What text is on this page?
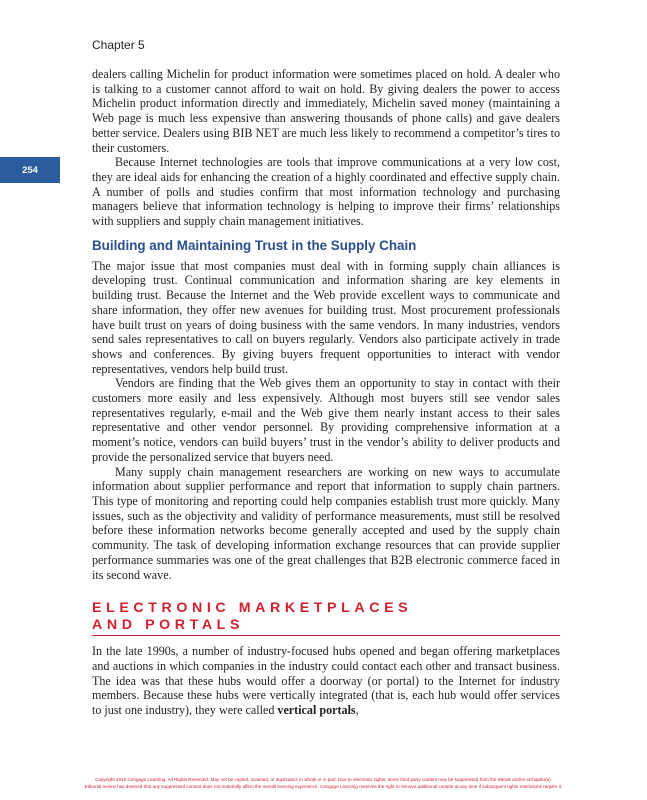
Chapter 5
254

dealers calling Michelin for product information were sometimes placed on hold. A dealer who is talking to a customer cannot afford to wait on hold. By giving dealers the power to access Michelin product information directly and immediately, Michelin saved money (maintaining a Web page is much less expensive than answering thousands of phone calls) and gave dealers better service. Dealers using BIB NET are much less likely to recommend a competitor’s tires to their customers.

Because Internet technologies are tools that improve communications at a very low cost, they are ideal aids for enhancing the creation of a highly coordinated and effective supply chain. A number of polls and studies confirm that most information technology and purchasing managers believe that information technology is helping to improve their firms’ relationships with suppliers and supply chain management initiatives.

Building and Maintaining Trust in the Supply Chain

The major issue that most companies must deal with in forming supply chain alliances is developing trust. Continual communication and information sharing are key elements in building trust. Because the Internet and the Web provide excellent ways to communicate and share information, they offer new avenues for building trust. Most procurement professionals have built trust on years of doing business with the same vendors. In many industries, vendors send sales representatives to call on buyers regularly. Vendors also participate actively in trade shows and conferences. By giving buyers frequent opportunities to interact with vendor representatives, vendors help build trust.

Vendors are finding that the Web gives them an opportunity to stay in contact with their customers more easily and less expensively. Although most buyers still see vendor sales representatives regularly, e-mail and the Web give them nearly instant access to their sales representative and other vendor personnel. By providing comprehensive information at a moment’s notice, vendors can build buyers’ trust in the vendor’s ability to deliver products and provide the personalized service that buyers need.

Many supply chain management researchers are working on new ways to accumulate information about supplier performance and report that information to supply chain partners. This type of monitoring and reporting could help companies establish trust more quickly. Many issues, such as the objectivity and validity of performance measurements, must still be resolved before these information networks become generally accepted and used by the supply chain community. The task of developing information exchange resources that can provide supplier performance summaries was one of the great challenges that B2B electronic commerce faced in its second wave.

ELECTRONIC MARKETPLACES
AND PORTALS

In the late 1990s, a number of industry-focused hubs opened and began offering marketplaces and auctions in which companies in the industry could contact each other and transact business. The idea was that these hubs would offer a doorway (or portal) to the Internet for industry members. Because these hubs were vertically integrated (that is, each hub would offer services to just one industry), they were called vertical portals,

Copyright 2015 Cengage Learning. All Rights Reserved. May not be copied, scanned, or duplicated, in whole or in part. Due to electronic rights, some third party content may be suppressed from the eBook and/or eChapter(s).
Editorial review has deemed that any suppressed content does not materially affect the overall learning experience. Cengage Learning reserves the right to remove additional content at any time if subsequent rights restrictions require it.
